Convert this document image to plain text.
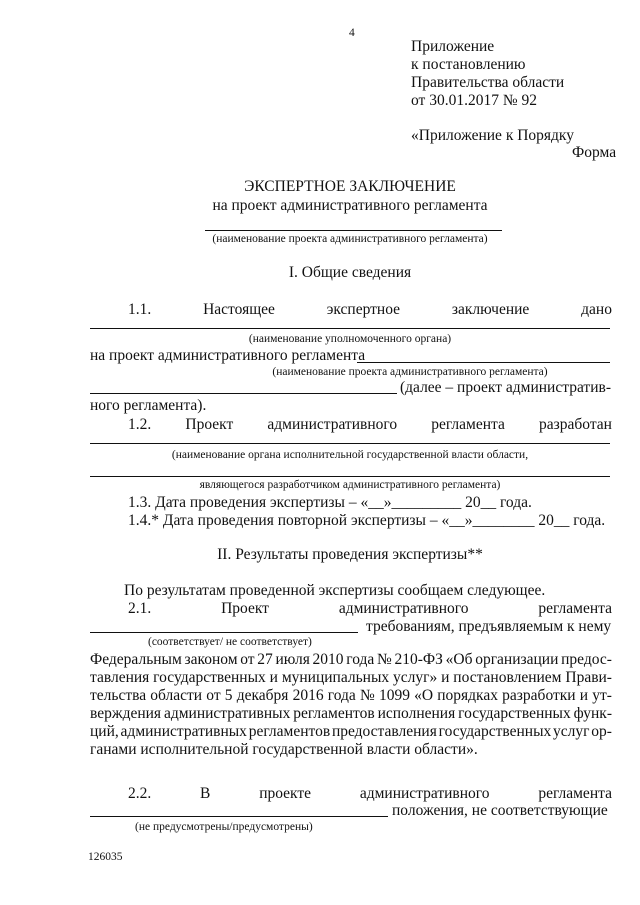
4
Приложение
к постановлению
Правительства области
от 30.01.2017 № 92
«Приложение к Порядку
Форма
ЭКСПЕРТНОЕ ЗАКЛЮЧЕНИЕ
на проект административного регламента
(наименование проекта административного регламента)
I. Общие сведения
1.1.	Настоящее	экспертное	заключение	дано
(наименование уполномоченного органа)
на проект административного регламента
(наименование проекта административного регламента)
(далее – проект административ-
ного регламента).
1.2. Проект административного регламента разработан
(наименование органа исполнительной государственной власти области,
являющегося разработчиком административного регламента)
1.3. Дата проведения экспертизы – «__»_________ 20__ года.
1.4.* Дата проведения повторной экспертизы – «__»________ 20__ года.
II. Результаты проведения экспертизы**
По результатам проведенной экспертизы сообщаем следующее.
2.1.	Проект	административного	регламента
требованиям, предъявляемым к нему
(соответствует/ не соответствует)
Федеральным законом от 27 июля 2010 года № 210-ФЗ «Об организации предос-
тавления государственных и муниципальных услуг» и постановлением Прави-
тельства области от 5 декабря 2016 года № 1099 «О порядках разработки и ут-
верждения административных регламентов исполнения государственных функ-
ций, административных регламентов предоставления государственных услуг ор-
ганами исполнительной государственной власти области».
2.2.	В	проекте	административного	регламента
положения, не соответствующие
(не предусмотрены/предусмотрены)
126035
